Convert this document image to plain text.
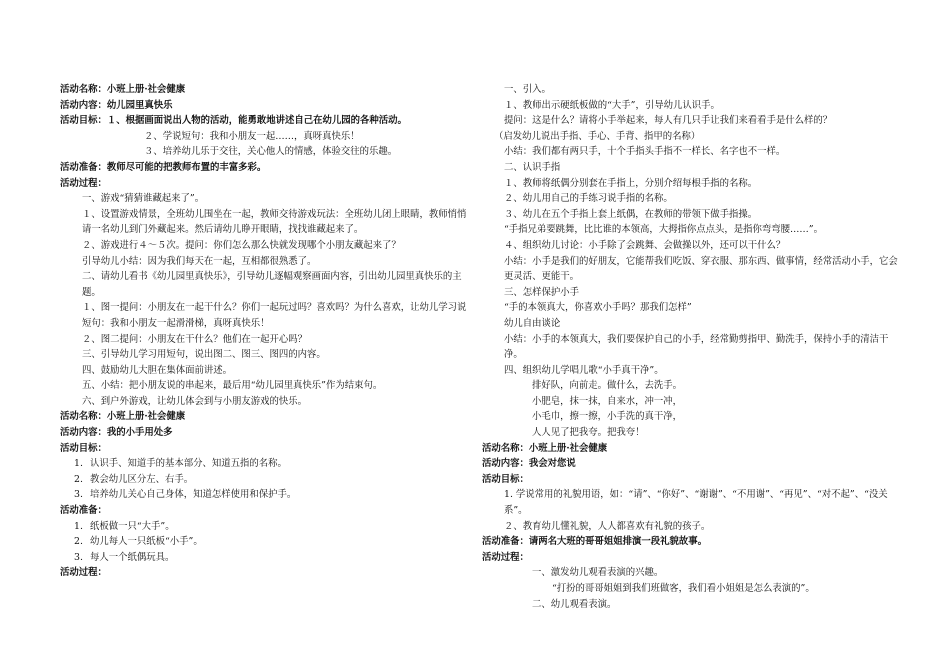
活动名称：小班上册·社会健康
活动内容：幼儿园里真快乐
活动目标：１、根据画面说出人物的活动，能勇敢地讲述自己在幼儿园的各种活动。
２、学说短句：我和小朋友一起……，真呀真快乐！
３、培养幼儿乐于交往，关心他人的情感，体验交往的乐趣。
活动准备：教师尽可能的把教师布置的丰富多彩。
活动过程：
一、游戏“猜猜谁藏起来了”。
１、设置游戏情景，全班幼儿围坐在一起，教师交待游戏玩法：全班幼儿闭上眼睛，教师悄悄请一名幼儿到门外藏起来。然后请幼儿睁开眼睛，找找谁藏起来了。
２、游戏进行４～５次。提问：你们怎么那么快就发现哪个小朋友藏起来了？
引导幼儿小结：因为我们每天在一起，互相都很熟悉了。
二、请幼儿看书《幼儿园里真快乐》，引导幼儿逐幅观察画面内容，引出幼儿园里真快乐的主题。
１、图一提问：小朋友在一起干什么？你们一起玩过吗？喜欢吗？为什么喜欢，让幼儿学习说短句：我和小朋友一起滑滑梯，真呀真快乐！
２、图二提问：小朋友在干什么？他们在一起开心吗？
三、引导幼儿学习用短句，说出图二、图三、图四的内容。
四、鼓励幼儿大胆在集体面前讲述。
五、小结：把小朋友说的串起来，最后用“幼儿园里真快乐”作为结束句。
六、到户外游戏，让幼儿体会到与小朋友游戏的快乐。
活动名称：小班上册·社会健康
活动内容：我的小手用处多
活动目标：
1. 认识手、知道手的基本部分、知道五指的名称。
2. 教会幼儿区分左、右手。
3. 培养幼儿关心自己身体，知道怎样使用和保护手。
活动准备：
1. 纸板做一只“大手”。
2. 幼儿每人一只纸板“小手”。
3. 每人一个纸偶玩具。
活动过程：
一、引入。
１、教师出示硬纸板做的“大手”，引导幼儿认识手。
提问：这是什么？请将小手举起来，每人有几只手让我们来看看手是什么样的？
（启发幼儿说出手指、手心、手背、指甲的名称）
小结：我们都有两只手，十个手指头手指不一样长、名字也不一样。
二、认识手指
１、教师将纸偶分别套在手指上，分别介绍每根手指的名称。
２、幼儿用自己的手练习说手指的名称。
３、幼儿在五个手指上套上纸偶，在教师的带领下做手指操。
“手指兄弟要跳舞，比比谁的本领高，大拇指你点点头，是指你弯弯腰……”。
４、组织幼儿讨论：小手除了会跳舞、会做操以外，还可以干什么？
小结：小手是我们的好朋友，它能帮我们吃饭、穿衣服、那东西、做事情，经常活动小手，它会更灵活、更能干。
三、怎样保护小手
“手的本领真大，你喜欢小手吗？那我们怎样”
幼儿自由谈论
小结：小手的本领真大，我们要保护自己的小手，经常勤剪指甲、勤洗手，保持小手的清洁干净。
四、组织幼儿学唱儿歌“小手真干净”。
排好队，向前走。做什么，去洗手。
小肥皂，抹一抹，自来水，冲一冲，
小毛巾，擦一擦，小手洗的真干净，
人人见了把我夸。把我夸！
活动名称：小班上册·社会健康
活动内容：我会对您说
活动目标：
1. 学说常用的礼貌用语，如：“请”、“你好”、“谢谢”、“不用谢”、“再见”、“对不起”、“没关系”。
２、教育幼儿懂礼貌，人人都喜欢有礼貌的孩子。
活动准备：请两名大班的哥哥姐姐排演一段礼貌故事。
活动过程：
一、激发幼儿观看表演的兴趣。
“打扮的哥哥姐姐到我们班做客，我们看小姐姐是怎么表演的”。
二、幼儿观看表演。
